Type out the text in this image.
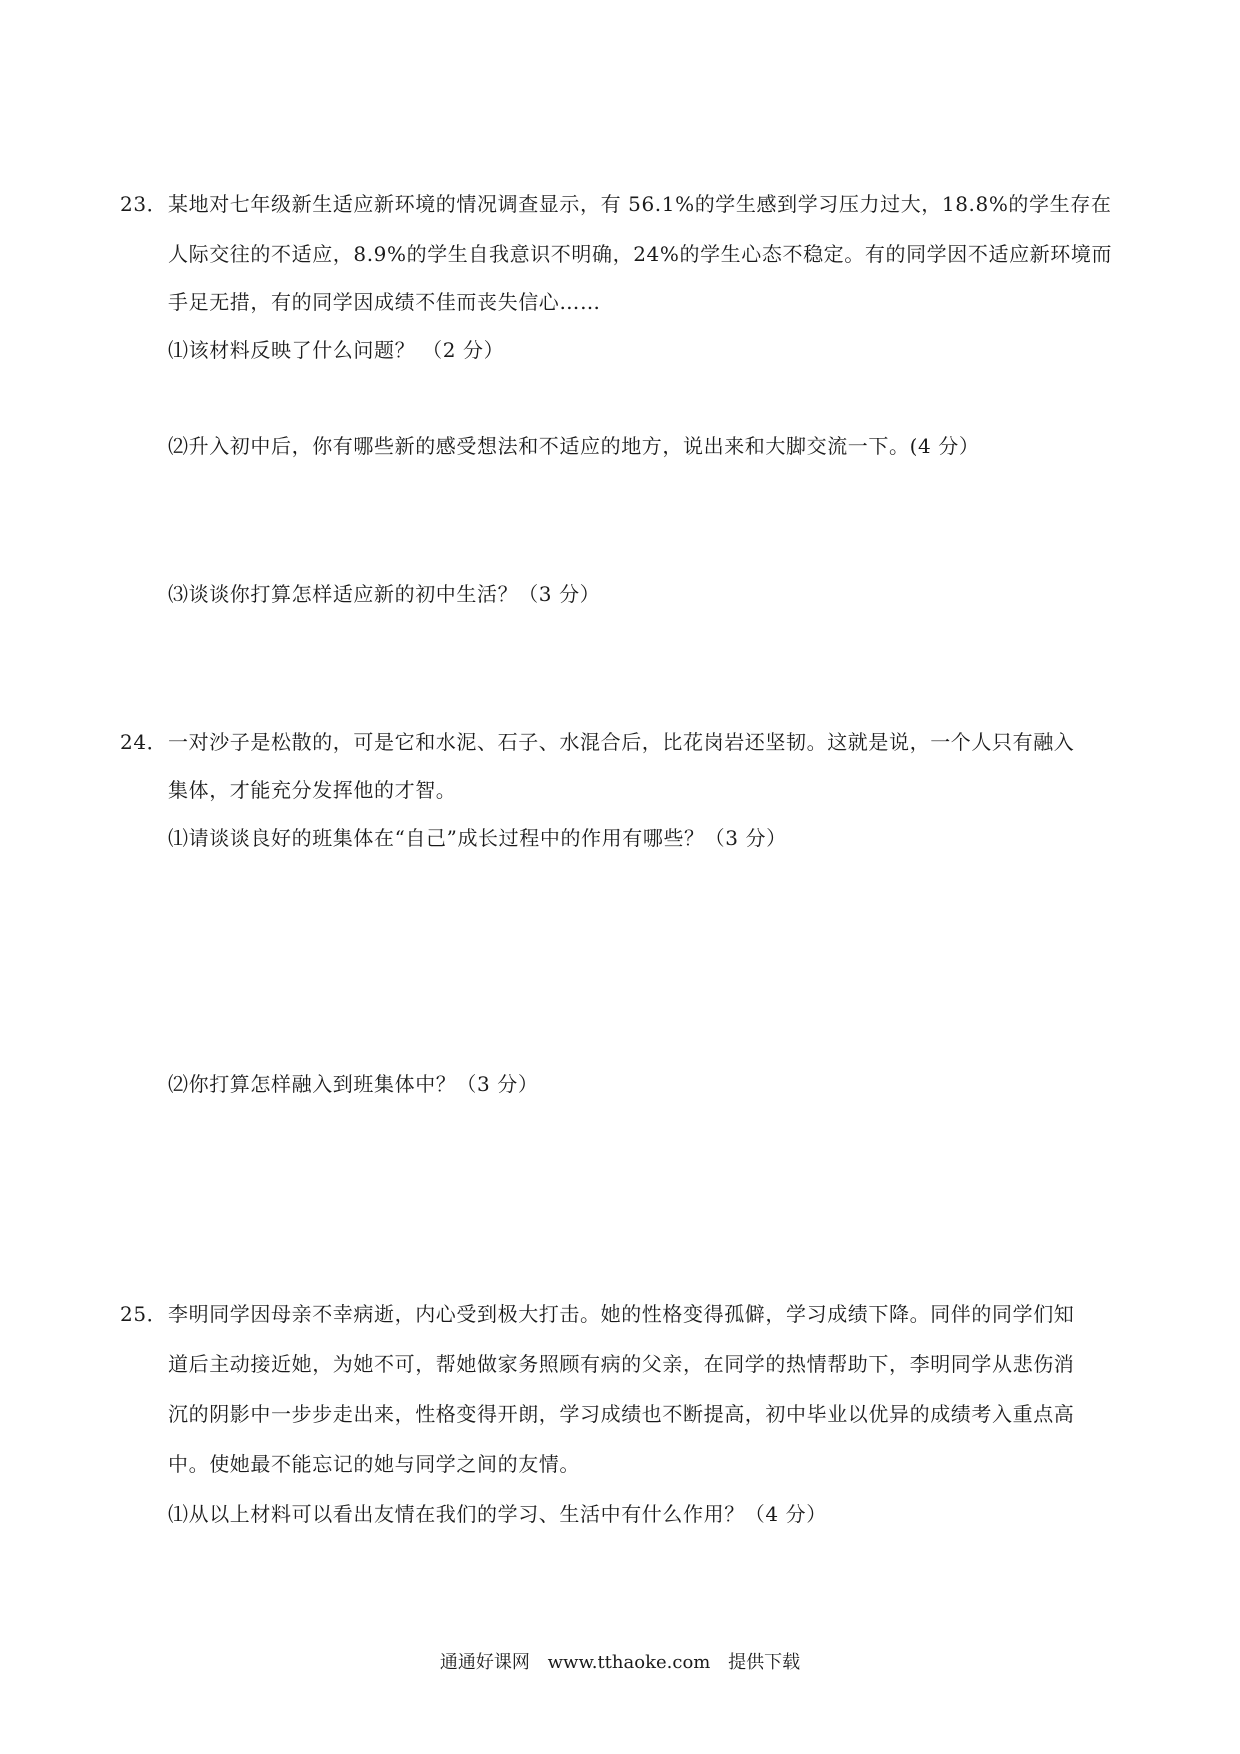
23．某地对七年级新生适应新环境的情况调查显示，有 56.1%的学生感到学习压力过大，18.8%的学生存在
人际交往的不适应，8.9%的学生自我意识不明确，24%的学生心态不稳定。有的同学因不适应新环境而
手足无措，有的同学因成绩不佳而丧失信心……
⑴该材料反映了什么问题？ （2 分）
⑵升入初中后，你有哪些新的感受想法和不适应的地方，说出来和大脚交流一下。(4 分）
⑶谈谈你打算怎样适应新的初中生活？（3 分）
24．一对沙子是松散的，可是它和水泥、石子、水混合后，比花岗岩还坚韧。这就是说，一个人只有融入
集体，才能充分发挥他的才智。
⑴请谈谈良好的班集体在“自己”成长过程中的作用有哪些？（3 分）
⑵你打算怎样融入到班集体中？（3 分）
25．李明同学因母亲不幸病逝，内心受到极大打击。她的性格变得孤僻，学习成绩下降。同伴的同学们知
道后主动接近她，为她不可，帮她做家务照顾有病的父亲，在同学的热情帮助下，李明同学从悲伤消
沉的阴影中一步步走出来，性格变得开朗，学习成绩也不断提高，初中毕业以优异的成绩考入重点高
中。使她最不能忘记的她与同学之间的友情。
⑴从以上材料可以看出友情在我们的学习、生活中有什么作用？（4 分）
通通好课网 www.tthaoke.com 提供下载
